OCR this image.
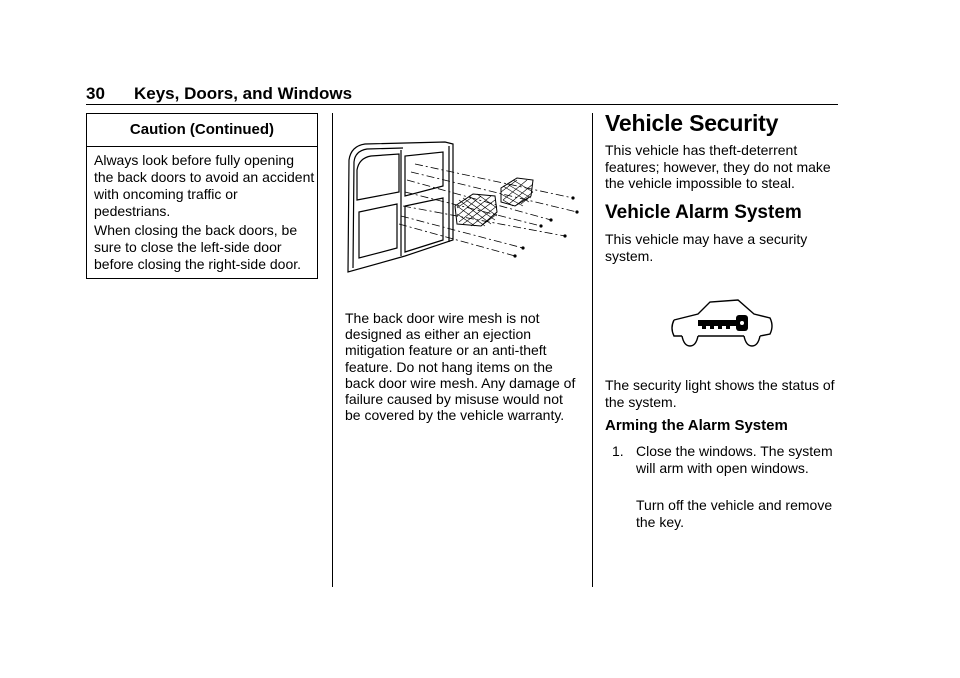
30 Keys, Doors, and Windows
Caution (Continued)
Always look before fully opening the back doors to avoid an accident with oncoming traffic or pedestrians.
When closing the back doors, be sure to close the left-side door before closing the right-side door.
The back door wire mesh is not designed as either an ejection mitigation feature or an anti-theft feature. Do not hang items on the back door wire mesh. Any damage of failure caused by misuse would not be covered by the vehicle warranty.
Vehicle Security
This vehicle has theft-deterrent features; however, they do not make the vehicle impossible to steal.
Vehicle Alarm System
This vehicle may have a security system.
The security light shows the status of the system.
Arming the Alarm System
1. Close the windows. The system will arm with open windows.
Turn off the vehicle and remove the key.
